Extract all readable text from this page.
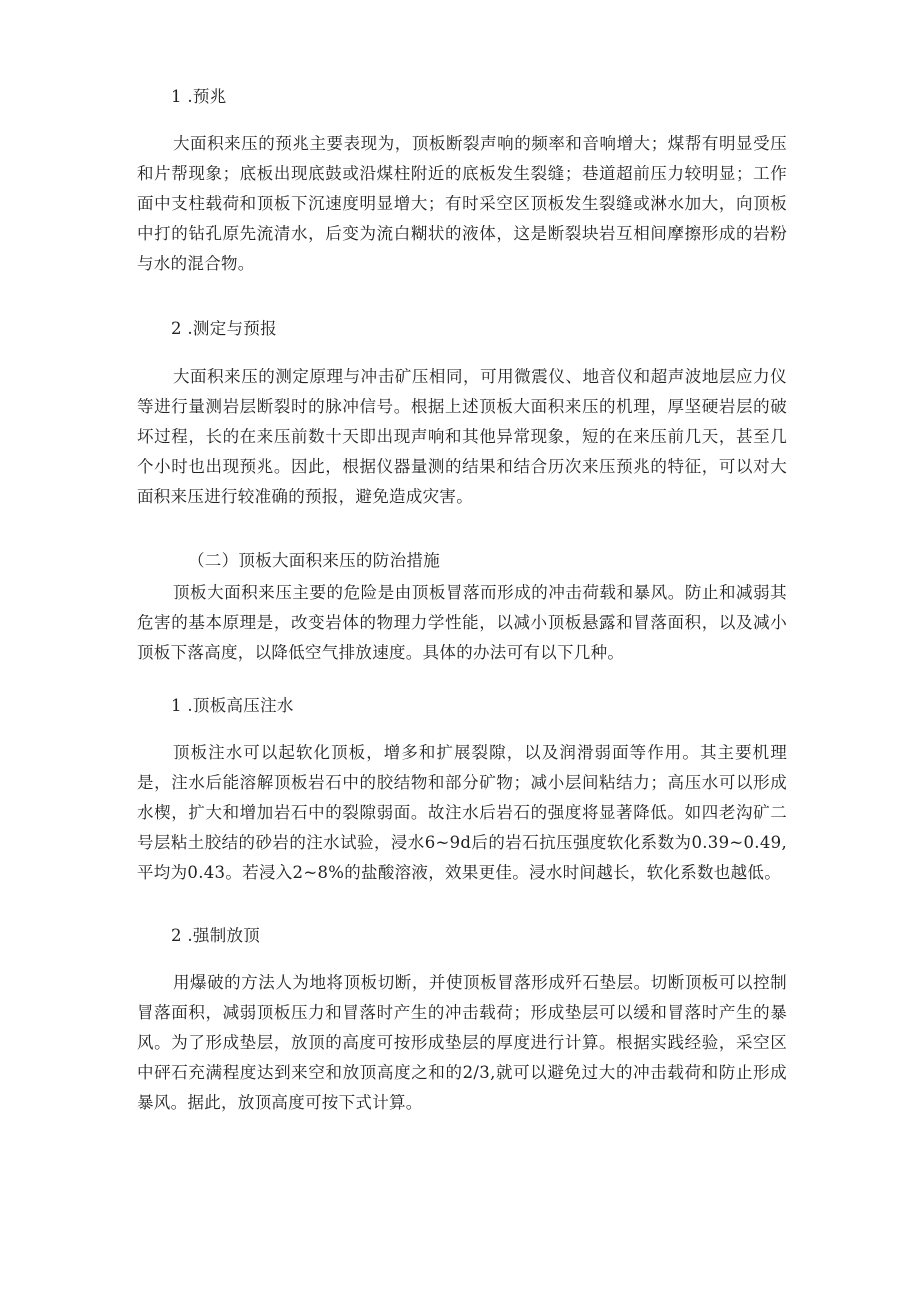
1 .预兆

大面积来压的预兆主要表现为，顶板断裂声响的频率和音响增大；煤帮有明显受压和片帮现象；底板出现底鼓或沿煤柱附近的底板发生裂缝；巷道超前压力较明显；工作面中支柱载荷和顶板下沉速度明显增大；有时采空区顶板发生裂缝或淋水加大，向顶板中打的钻孔原先流清水，后变为流白糊状的液体，这是断裂块岩互相间摩擦形成的岩粉与水的混合物。

2 .测定与预报

大面积来压的测定原理与冲击矿压相同，可用微震仪、地音仪和超声波地层应力仪等进行量测岩层断裂时的脉冲信号。根据上述顶板大面积来压的机理，厚坚硬岩层的破坏过程，长的在来压前数十天即出现声响和其他异常现象，短的在来压前几天，甚至几个小时也出现预兆。因此，根据仪器量测的结果和结合历次来压预兆的特征，可以对大面积来压进行较准确的预报，避免造成灾害。

（二）顶板大面积来压的防治措施

顶板大面积来压主要的危险是由顶板冒落而形成的冲击荷载和暴风。防止和减弱其危害的基本原理是，改变岩体的物理力学性能，以减小顶板悬露和冒落面积，以及减小顶板下落高度，以降低空气排放速度。具体的办法可有以下几种。

1 .顶板高压注水

顶板注水可以起软化顶板，增多和扩展裂隙，以及润滑弱面等作用。其主要机理是，注水后能溶解顶板岩石中的胶结物和部分矿物；减小层间粘结力；高压水可以形成水楔，扩大和增加岩石中的裂隙弱面。故注水后岩石的强度将显著降低。如四老沟矿二号层粘土胶结的砂岩的注水试验，浸水6~9d后的岩石抗压强度软化系数为0.39~0.49,平均为0.43。若浸入2~8%的盐酸溶液，效果更佳。浸水时间越长，软化系数也越低。

2 .强制放顶

用爆破的方法人为地将顶板切断，并使顶板冒落形成歼石垫层。切断顶板可以控制冒落面积，减弱顶板压力和冒落时产生的冲击载荷；形成垫层可以缓和冒落时产生的暴风。为了形成垫层，放顶的高度可按形成垫层的厚度进行计算。根据实践经验，采空区中砰石充满程度达到来空和放顶高度之和的2/3,就可以避免过大的冲击载荷和防止形成暴风。据此，放顶高度可按下式计算。
